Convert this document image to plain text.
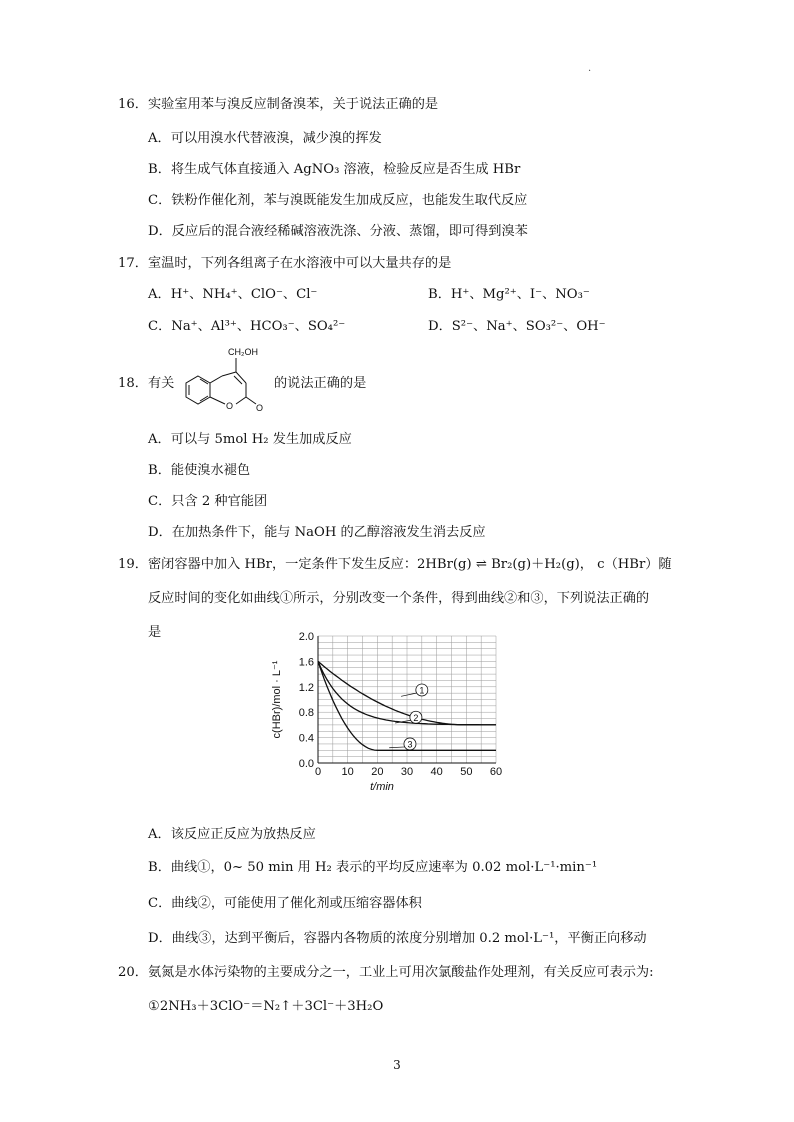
·
16．实验室用苯与溴反应制备溴苯，关于说法正确的是
A．可以用溴水代替液溴，减少溴的挥发
B．将生成气体直接通入 AgNO₃ 溶液，检验反应是否生成 HBr
C．铁粉作催化剂，苯与溴既能发生加成反应，也能发生取代反应
D．反应后的混合液经稀碱溶液洗涤、分液、蒸馏，即可得到溴苯
17．室温时，下列各组离子在水溶液中可以大量共存的是
A．H⁺、NH₄⁺、ClO⁻、Cl⁻	B．H⁺、Mg²⁺、I⁻、NO₃⁻
C．Na⁺、Al³⁺、HCO₃⁻、SO₄²⁻	D．S²⁻、Na⁺、SO₃²⁻、OH⁻
18．有关
CH₂OH
O	O
的说法正确的是
A．可以与 5mol H₂ 发生加成反应
B．能使溴水褪色
C．只含 2 种官能团
D．在加热条件下，能与 NaOH 的乙醇溶液发生消去反应
19．密闭容器中加入 HBr，一定条件下发生反应：2HBr(g) ⇌ Br₂(g)＋H₂(g)， c（HBr）随
反应时间的变化如曲线①所示，分别改变一个条件，得到曲线②和③，下列说法正确的
是
0 10 20 30 40 50 60
0.0
0.4
0.8
1.2
1.6
2.0
t/min
c(HBr)/mol · L⁻¹	1
2
3
A．该反应正反应为放热反应
B．曲线①，0~ 50 min 用 H₂ 表示的平均反应速率为 0.02 mol·L⁻¹·min⁻¹
C．曲线②，可能使用了催化剂或压缩容器体积
D．曲线③，达到平衡后，容器内各物质的浓度分别增加 0.2 mol·L⁻¹，平衡正向移动
20．氨氮是水体污染物的主要成分之一，工业上可用次氯酸盐作处理剂，有关反应可表示为:
①2NH₃＋3ClO⁻＝N₂↑＋3Cl⁻＋3H₂O
3
